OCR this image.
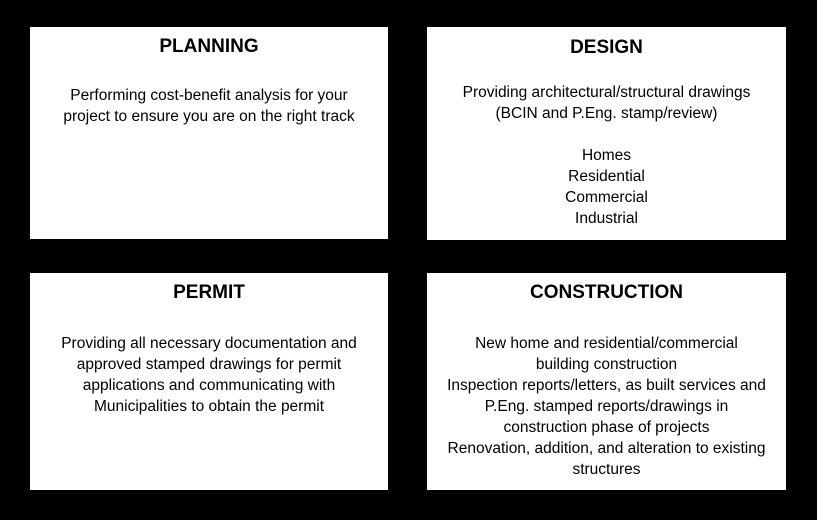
PLANNING

Performing cost-benefit analysis for your
project to ensure you are on the right track

DESIGN

Providing architectural/structural drawings
(BCIN and P.Eng. stamp/review)
Homes
Residential
Commercial
Industrial

PERMIT

Providing all necessary documentation and
approved stamped drawings for permit
applications and communicating with
Municipalities to obtain the permit

CONSTRUCTION

New home and residential/commercial
building construction
Inspection reports/letters, as built services and
P.Eng. stamped reports/drawings in
construction phase of projects
Renovation, addition, and alteration to existing
structures
